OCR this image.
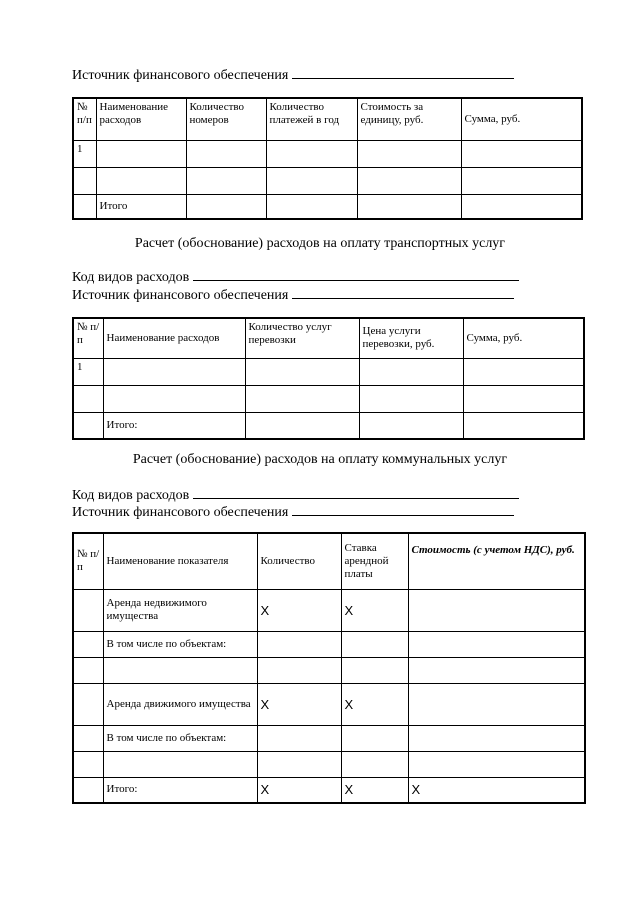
Источник финансового обеспечения
№ п/п	Наименование расходов	Количество номеров	Количество платежей в год	Стоимость за единицу, руб.	Сумма, руб.
1					

	Итого				
Расчет (обоснование) расходов на оплату транспортных услуг
Код видов расходов
Источник финансового обеспечения
№ п/п	Наименование расходов	Количество услуг перевозки	Цена услуги перевозки, руб.	Сумма, руб.
1				

	Итого:			
Расчет (обоснование) расходов на оплату коммунальных услуг
Код видов расходов
Источник финансового обеспечения
№ п/п	Наименование показателя	Количество	Ставка арендной платы	Стоимость (с учетом НДС), руб.
	Аренда недвижимого имущества	X	X	
	В том числе по объектам:			

	Аренда движимого имущества	X	X	
	В том числе по объектам:			

	Итого:	X	X	X
